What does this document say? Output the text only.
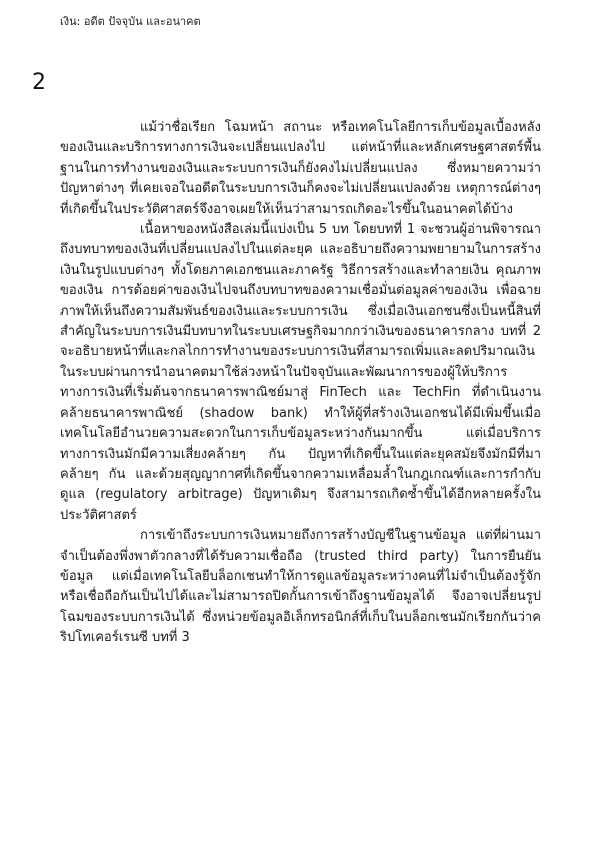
เงิน: อดีต ปัจจุบัน และอนาคต
2

แม้ว่าชื่อเรียก โฉมหน้า สถานะ หรือเทคโนโลยีการเก็บข้อมูลเบื้องหลังของเงินและบริการทางการเงินจะเปลี่ยนแปลงไป แต่หน้าที่และหลักเศรษฐศาสตร์พื้นฐานในการทำงานของเงินและระบบการเงินก็ยังคงไม่เปลี่ยนแปลง ซึ่งหมายความว่าปัญหาต่างๆ ที่เคยเจอในอดีตในระบบการเงินก็คงจะไม่เปลี่ยนแปลงด้วย เหตุการณ์ต่างๆ ที่เกิดขึ้นในประวัติศาสตร์จึงอาจเผยให้เห็นว่าสามารถเกิดอะไรขึ้นในอนาคตได้บ้าง

เนื้อหาของหนังสือเล่มนี้แบ่งเป็น 5 บท โดยบทที่ 1 จะชวนผู้อ่านพิจารณาถึงบทบาทของเงินที่เปลี่ยนแปลงไปในแต่ละยุค และอธิบายถึงความพยายามในการสร้างเงินในรูปแบบต่างๆ ทั้งโดยภาคเอกชนและภาครัฐ วิธีการสร้างและทำลายเงิน คุณภาพของเงิน การด้อยค่าของเงินไปจนถึงบทบาทของความเชื่อมั่นต่อมูลค่าของเงิน เพื่อฉายภาพให้เห็นถึงความสัมพันธ์ของเงินและระบบการเงิน ซึ่งเมื่อเงินเอกชนซึ่งเป็นหนี้สินที่สำคัญในระบบการเงินมีบทบาทในระบบเศรษฐกิจมากกว่าเงินของธนาคารกลาง บทที่ 2 จะอธิบายหน้าที่และกลไกการทำงานของระบบการเงินที่สามารถเพิ่มและลดปริมาณเงินในระบบผ่านการนำอนาคตมาใช้ล่วงหน้าในปัจจุบันและพัฒนาการของผู้ให้บริการทางการเงินที่เริ่มต้นจากธนาคารพาณิชย์มาสู่ FinTech และ TechFin ที่ดำเนินงานคล้ายธนาคารพาณิชย์ (shadow bank) ทำให้ผู้ที่สร้างเงินเอกชนได้มีเพิ่มขึ้นเมื่อเทคโนโลยีอำนวยความสะดวกในการเก็บข้อมูลระหว่างกันมากขึ้น แต่เมื่อบริการทางการเงินมักมีความเสี่ยงคล้ายๆ กัน ปัญหาที่เกิดขึ้นในแต่ละยุคสมัยจึงมักมีที่มาคล้ายๆ กัน และด้วยสุญญากาศที่เกิดขึ้นจากความเหลื่อมล้ำในกฎเกณฑ์และการกำกับดูแล (regulatory arbitrage) ปัญหาเดิมๆ จึงสามารถเกิดซ้ำขึ้นได้อีกหลายครั้งในประวัติศาสตร์

การเข้าถึงระบบการเงินหมายถึงการสร้างบัญชีในฐานข้อมูล แต่ที่ผ่านมาจำเป็นต้องพึ่งพาตัวกลางที่ได้รับความเชื่อถือ (trusted third party) ในการยืนยันข้อมูล แต่เมื่อเทคโนโลยีบล็อกเชนทำให้การดูแลข้อมูลระหว่างคนที่ไม่จำเป็นต้องรู้จักหรือเชื่อถือกันเป็นไปได้และไม่สามารถปิดกั้นการเข้าถึงฐานข้อมูลได้ จึงอาจเปลี่ยนรูปโฉมของระบบการเงินได้ ซึ่งหน่วยข้อมูลอิเล็กทรอนิกส์ที่เก็บในบล็อกเชนมักเรียกกันว่าคริปโทเคอร์เรนซี บทที่ 3
